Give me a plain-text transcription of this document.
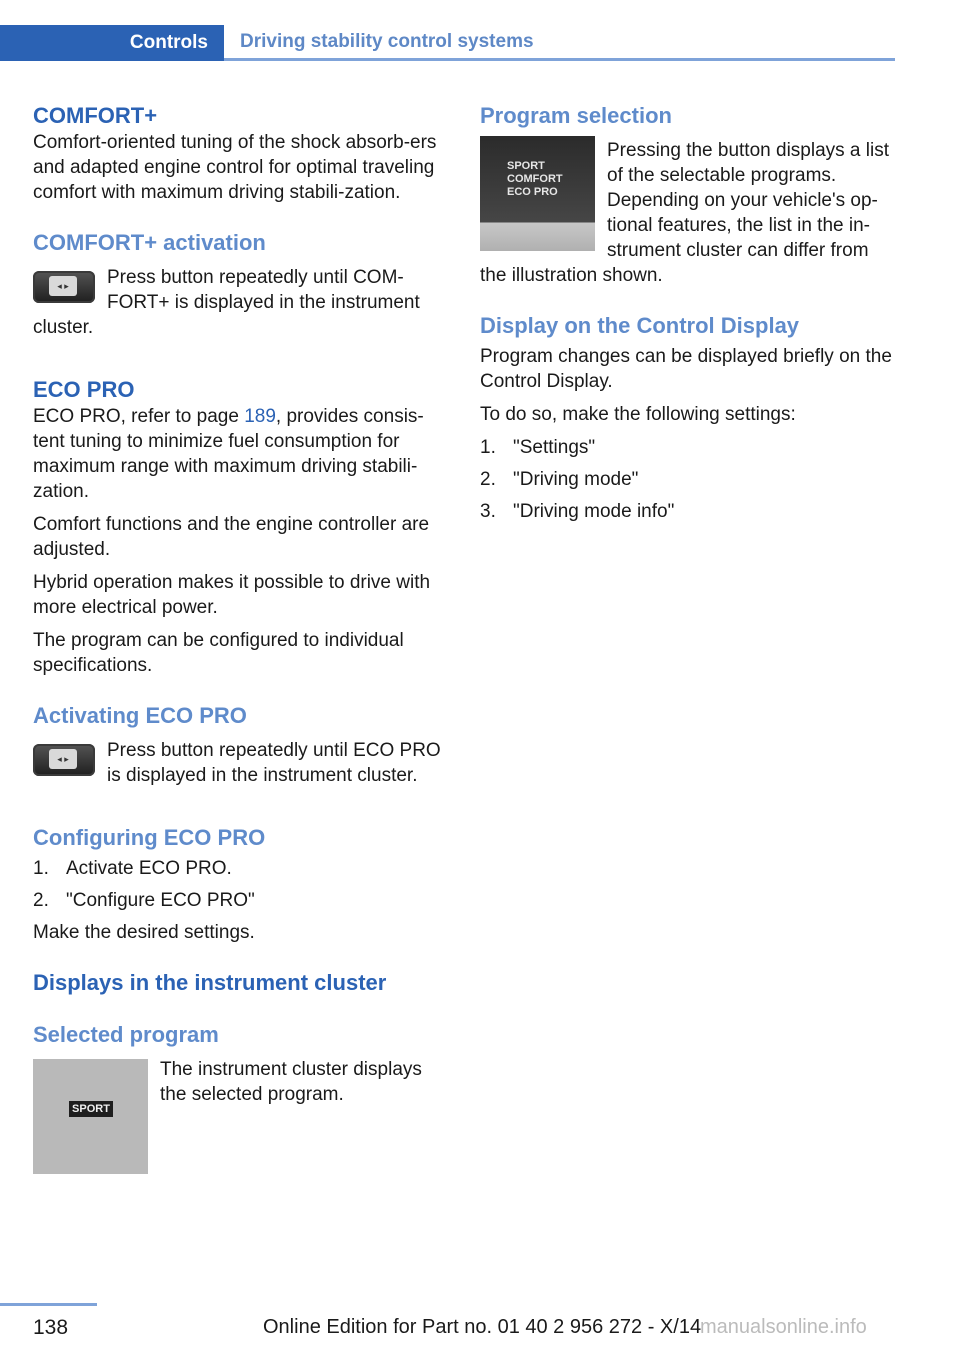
Controls Driving stability control systems
COMFORT+

Comfort-oriented tuning of the shock absorb-ers and adapted engine control for optimal traveling comfort with maximum driving stabili-zation.

COMFORT+ activation
◂ ▸	Press button repeatedly until COM-FORT+ is displayed in the instrument cluster.

ECO PRO

ECO PRO, refer to page 189, provides consis-tent tuning to minimize fuel consumption for maximum range with maximum driving stabili-zation.

Comfort functions and the engine controller are adjusted.

Hybrid operation makes it possible to drive with more electrical power.

The program can be configured to individual specifications.

Activating ECO PRO
◂ ▸	Press button repeatedly until ECO PRO is displayed in the instrument cluster.

Configuring ECO PRO
1. Activate ECO PRO.
2. "Configure ECO PRO"

Make the desired settings.

Displays in the instrument cluster
Selected program
SPORT

The instrument cluster displays the selected program.

Program selection
SPORT
COMFORT
ECO PRO

Pressing the button displays a list of the selectable programs. Depending on your vehicle's op-tional features, the list in the in-strument cluster can differ from the illustration shown.

Display on the Control Display

Program changes can be displayed briefly on the Control Display.

To do so, make the following settings:

1. "Settings"
2. "Driving mode"
3. "Driving mode info"
138	Online Edition for Part no. 01 40 2 956 272 - X/14
manualsonline.info
